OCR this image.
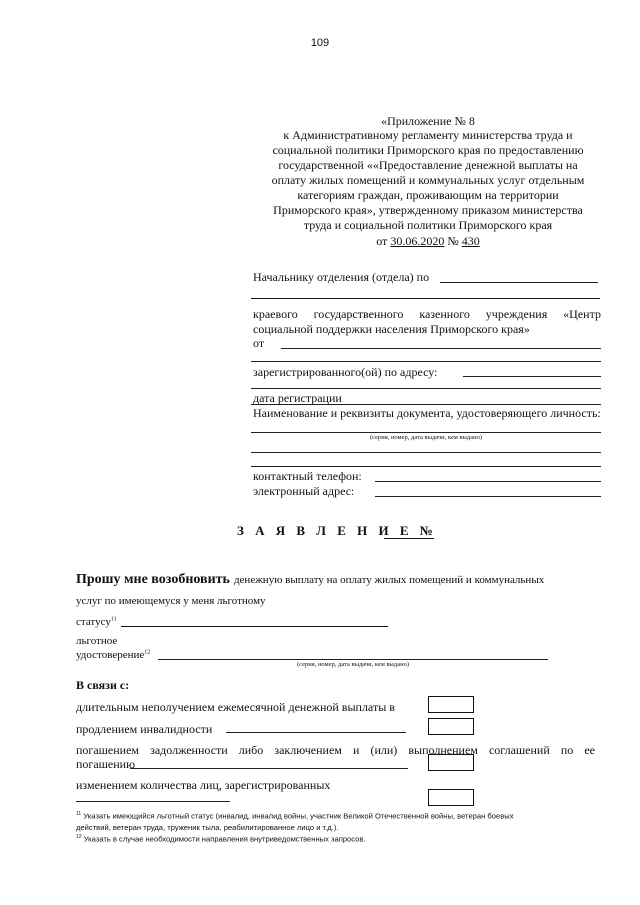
109
«Приложение № 8
к Административному регламенту министерства труда и
социальной политики Приморского края по предоставлению
государственной ««Предоставление денежной выплаты на
оплату жилых помещений и коммунальных услуг отдельным
категориям граждан, проживающим на территории
Приморского края», утвержденному приказом министерства
труда и социальной политики Приморского края
от 30.06.2020 № 430
Начальнику отделения (отдела) по
краевого государственного казенного учреждения «Центр социальной поддержки населения Приморского края»
от
зарегистрированного(ой) по адресу:
дата регистрации
Наименование и реквизиты документа, удостоверяющего личность:
(серия, номер, дата выдачи, кем выдано)
контактный телефон:
электронный адрес:
З А Я В Л Е Н И Е №
Прошу мне возобновить денежную выплату на оплату жилых помещений и коммунальных
услуг по имеющемуся у меня льготному
статусу$^{11}$
льготное
удостоверение$^{12}$
(серия, номер, дата выдачи, кем выдано)
В связи с:
длительным неполучением ежемесячной денежной выплаты в
продлением инвалидности
погашением задолженности либо заключением и (или) выполнением соглашений по ее
погашению
изменением количества лиц, зарегистрированных
$^{11}$ Указать имеющийся льготный статус (инвалид, инвалид войны, участник Великой Отечественной войны, ветеран боевых
действий, ветеран труда, труженик тыла, реабилитированное лицо и т.д.).
$^{12}$ Указать в случае необходимости направления внутриведомственных запросов.
